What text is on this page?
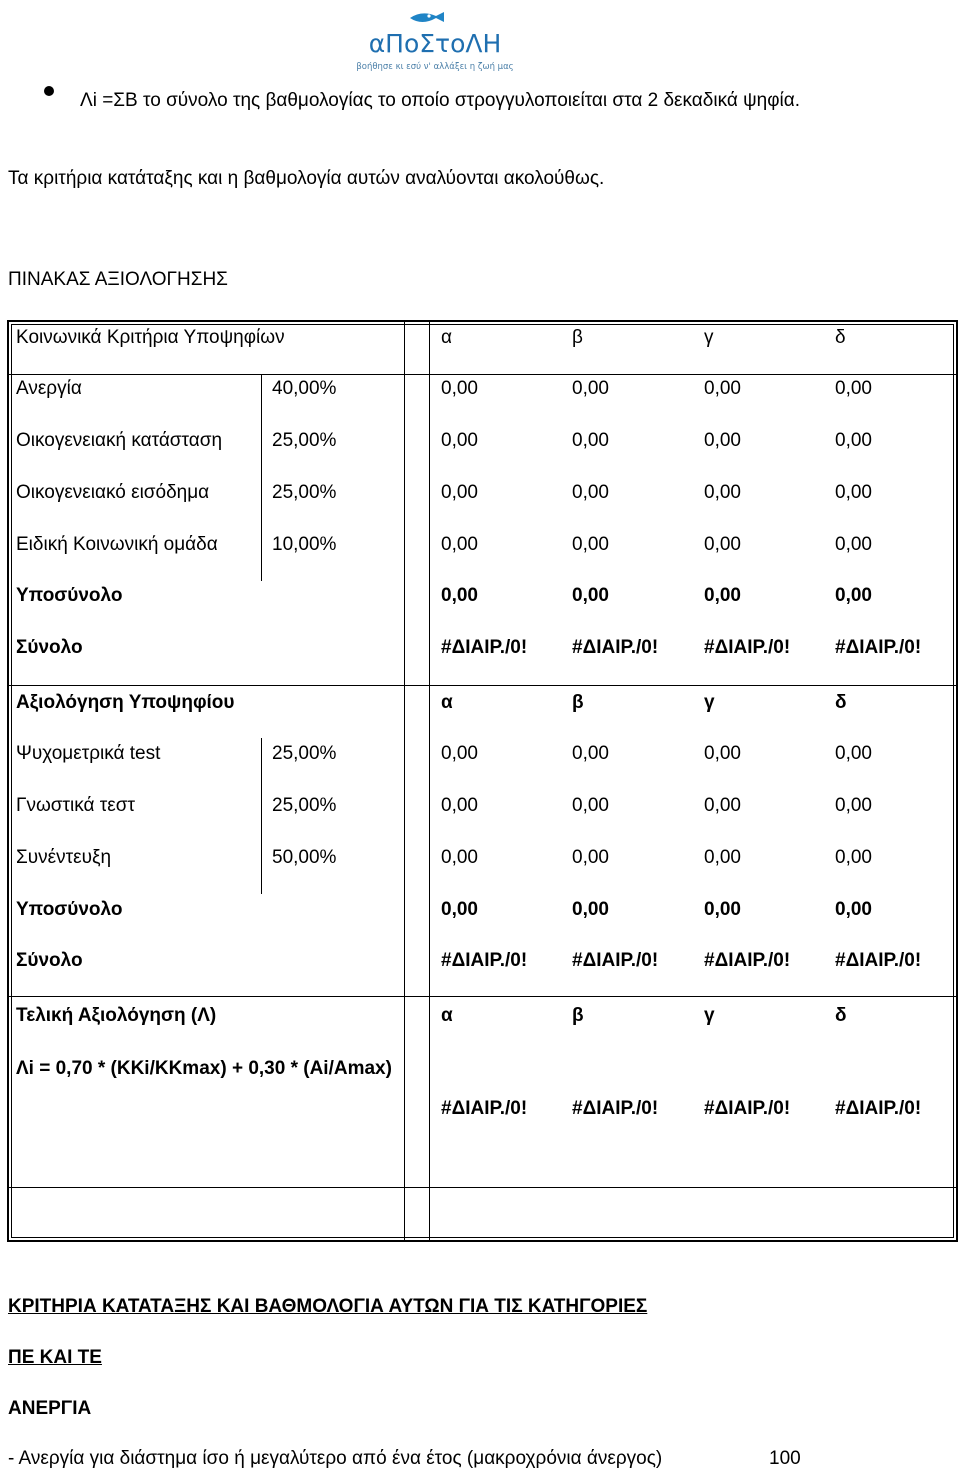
αΠοΣτοΛΗ
βοήθησε κι εσύ ν' αλλάξει η ζωή μας
Λi =ΣΒ το σύνολο της βαθμολογίας το οποίο στρογγυλοποιείται στα 2 δεκαδικά ψηφία.
Τα κριτήρια κατάταξης και η βαθμολογία αυτών αναλύονται ακολούθως.
ΠΙΝΑΚΑΣ ΑΞΙΟΛΟΓΗΣΗΣ
Κοινωνικά Κριτήρια Υποψηφίων	α	β	γ	δ
Ανεργία	40,00%	0,00	0,00	0,00	0,00
Οικογενειακή κατάσταση	25,00%	0,00	0,00	0,00	0,00
Οικογενειακό εισόδημα	25,00%	0,00	0,00	0,00	0,00
Ειδική Κοινωνική ομάδα	10,00%	0,00	0,00	0,00	0,00
Υποσύνολο	0,00	0,00	0,00	0,00
Σύνολο	#ΔΙΑΙΡ./0! #ΔΙΑΙΡ./0! #ΔΙΑΙΡ./0! #ΔΙΑΙΡ./0!
Αξιολόγηση Υποψηφίου	α	β	γ	δ
Ψυχομετρικά test	25,00%	0,00	0,00	0,00	0,00
Γνωστικά τεστ	25,00%	0,00	0,00	0,00	0,00
Συνέντευξη	50,00%	0,00	0,00	0,00	0,00
Υποσύνολο	0,00	0,00	0,00	0,00
Σύνολο	#ΔΙΑΙΡ./0! #ΔΙΑΙΡ./0! #ΔΙΑΙΡ./0! #ΔΙΑΙΡ./0!
Τελική Αξιολόγηση (Λ)	α	β	γ	δ
Λi = 0,70 * (ΚΚi/ΚΚmax) + 0,30 * (Ai/Amax)
#ΔΙΑΙΡ./0! #ΔΙΑΙΡ./0! #ΔΙΑΙΡ./0! #ΔΙΑΙΡ./0!
ΚΡΙΤΗΡΙΑ ΚΑΤΑΤΑΞΗΣ ΚΑΙ ΒΑΘΜΟΛΟΓΙΑ ΑΥΤΩΝ ΓΙΑ ΤΙΣ ΚΑΤΗΓΟΡΙΕΣ
ΠΕ ΚΑΙ ΤΕ
ΑΝΕΡΓΙΑ
- Ανεργία για διάστημα ίσο ή μεγαλύτερο από ένα έτος (μακροχρόνια άνεργος)	100
